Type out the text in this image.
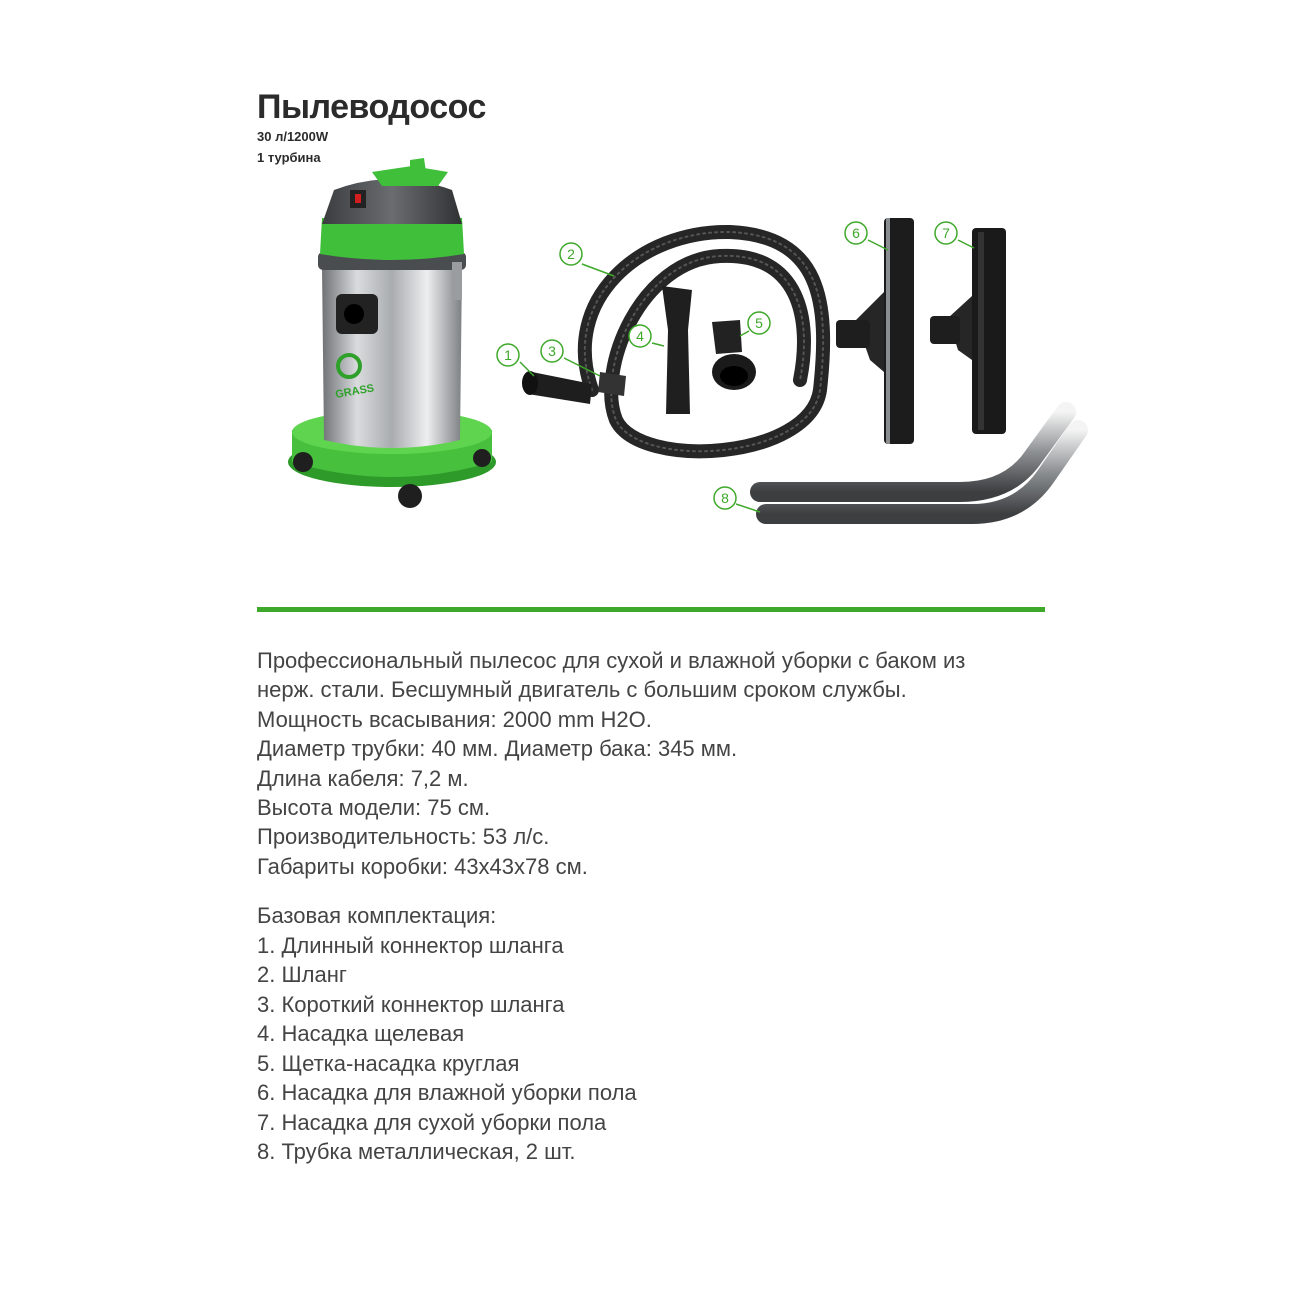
Пылеводосос
30 л/1200W
1 турбина
GRASS
1
2
3
4
5
6	7
8

Профессиональный пылесос для сухой и влажной уборки с баком из

нерж. стали. Бесшумный двигатель с большим сроком службы.

Мощность всасывания: 2000 mm H2O.

Диаметр трубки: 40 мм. Диаметр бака: 345 мм.

Длина кабеля: 7,2 м.

Высота модели: 75 см.

Производительность: 53 л/с.

Габариты коробки: 43х43х78 см.

Базовая комплектация:

1. Длинный коннектор шланга
2. Шланг
3. Короткий коннектор шланга
4. Насадка щелевая
5. Щетка-насадка круглая
6. Насадка для влажной уборки пола
7. Насадка для сухой уборки пола
8. Трубка металлическая, 2 шт.
